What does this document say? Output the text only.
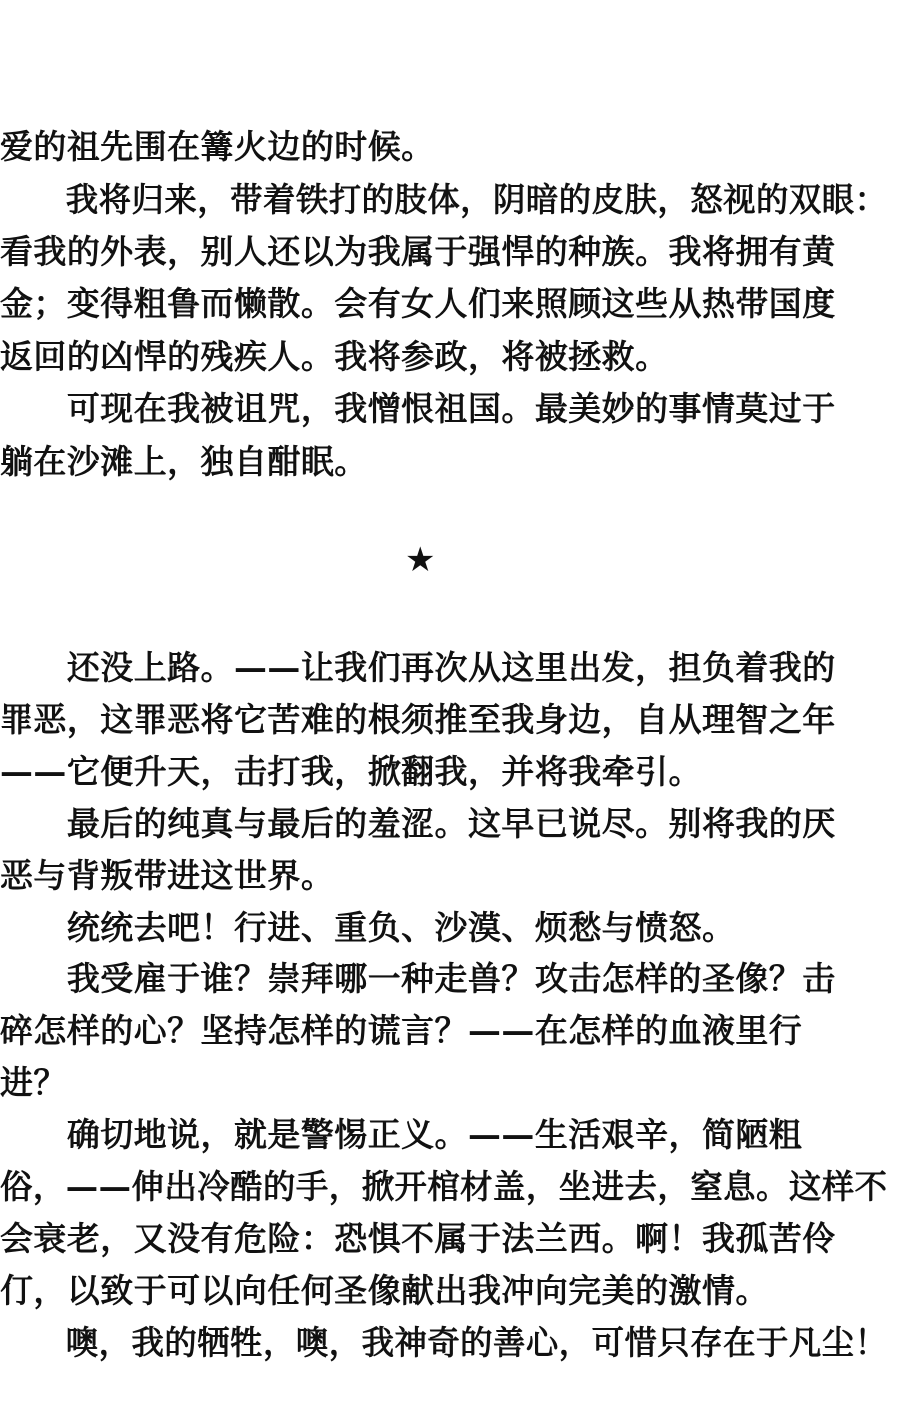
爱的祖先围在篝火边的时候。
　　我将归来，带着铁打的肢体，阴暗的皮肤，怒视的双眼：
看我的外表，别人还以为我属于强悍的种族。我将拥有黄
金；变得粗鲁而懒散。会有女人们来照顾这些从热带国度
返回的凶悍的残疾人。我将参政，将被拯救。
　　可现在我被诅咒，我憎恨祖国。最美妙的事情莫过于
躺在沙滩上，独自酣眠。
★
　　还没上路。——让我们再次从这里出发，担负着我的
罪恶，这罪恶将它苦难的根须推至我身边，自从理智之年
——它便升天，击打我，掀翻我，并将我牵引。
　　最后的纯真与最后的羞涩。这早已说尽。别将我的厌
恶与背叛带进这世界。
　　统统去吧！行进、重负、沙漠、烦愁与愤怒。
　　我受雇于谁？崇拜哪一种走兽？攻击怎样的圣像？击
碎怎样的心？坚持怎样的谎言？——在怎样的血液里行
进？
　　确切地说，就是警惕正义。——生活艰辛，简陋粗
俗，——伸出冷酷的手，掀开棺材盖，坐进去，窒息。这样不
会衰老，又没有危险：恐惧不属于法兰西。啊！我孤苦伶
仃，以致于可以向任何圣像献出我冲向完美的激情。
　　噢，我的牺牲，噢，我神奇的善心，可惜只存在于凡尘！
